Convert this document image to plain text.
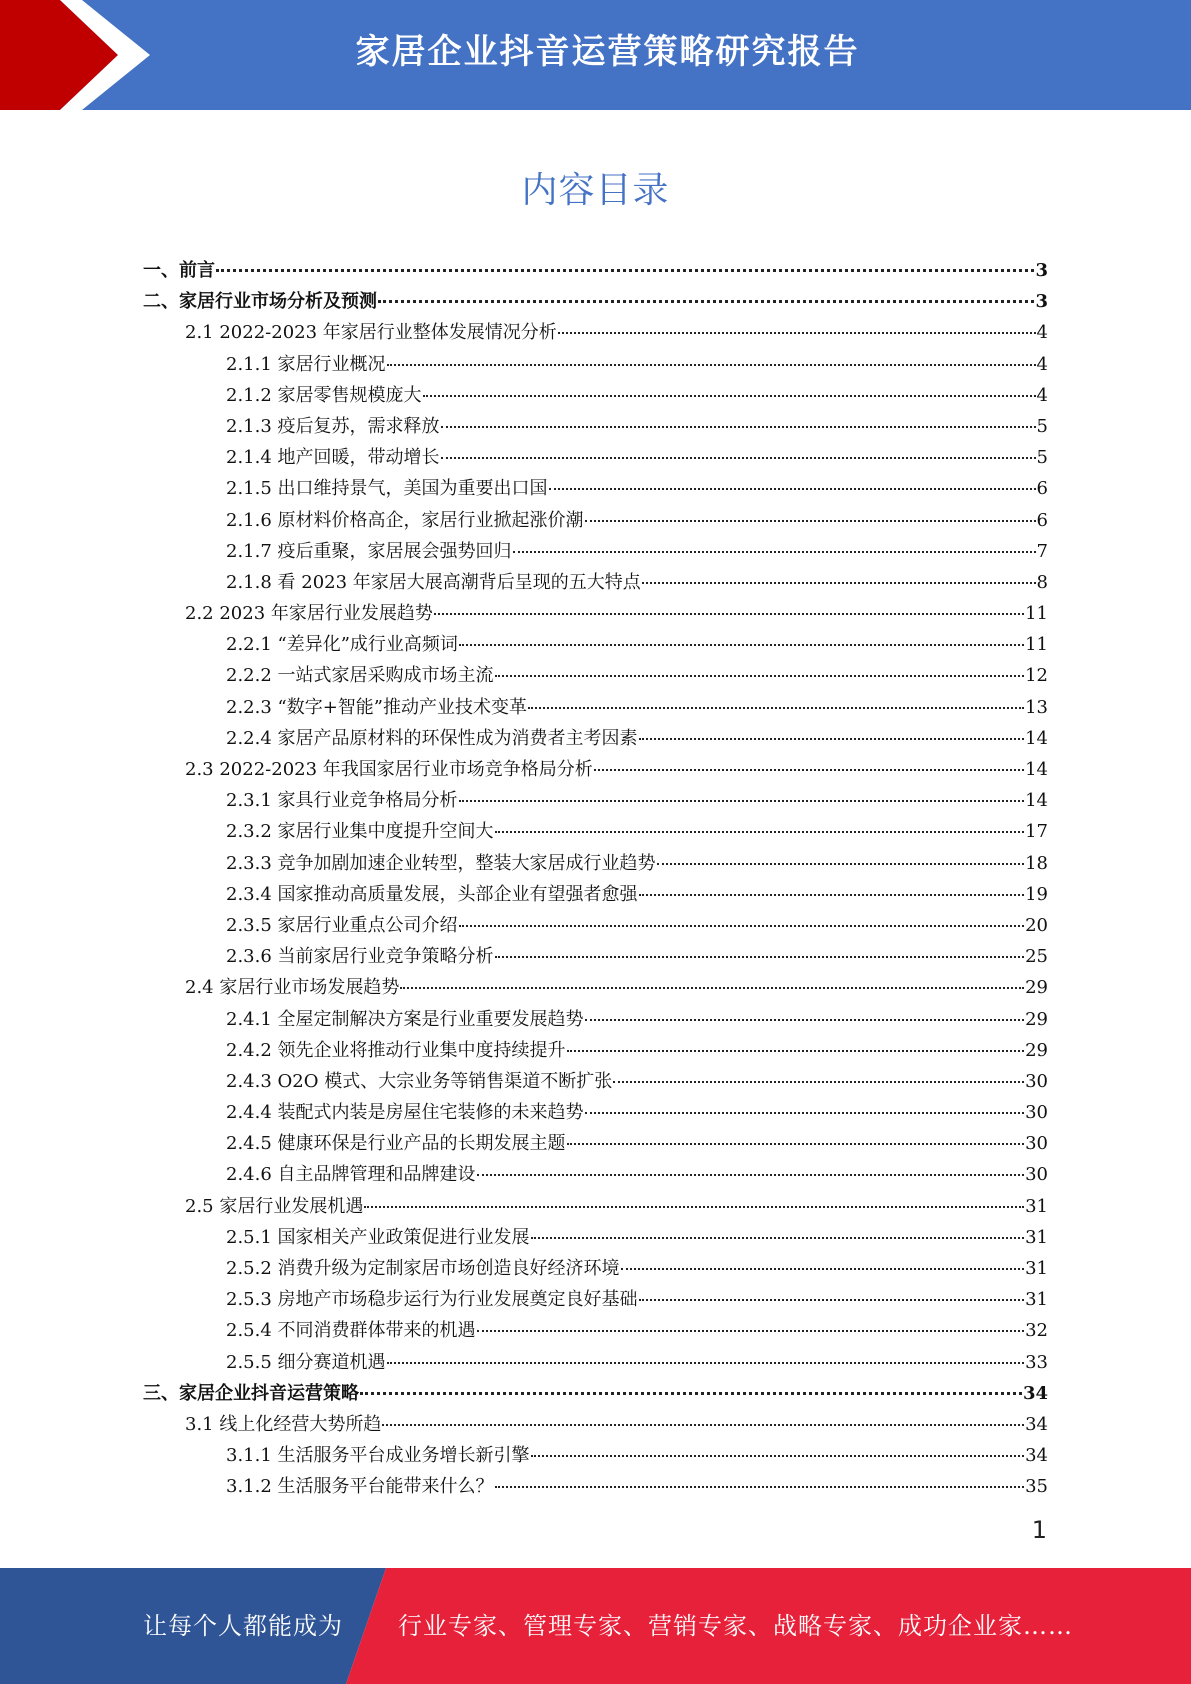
家居企业抖音运营策略研究报告
内容目录
一、前言	3
二、家居行业市场分析及预测	3
2.1 2022-2023 年家居行业整体发展情况分析	4
2.1.1 家居行业概况	4
2.1.2 家居零售规模庞大	4
2.1.3 疫后复苏，需求释放	5
2.1.4 地产回暖，带动增长	5
2.1.5 出口维持景气，美国为重要出口国	6
2.1.6 原材料价格高企，家居行业掀起涨价潮	6
2.1.7 疫后重聚，家居展会强势回归	7
2.1.8 看 2023 年家居大展高潮背后呈现的五大特点	8
2.2 2023 年家居行业发展趋势	11
2.2.1 “差异化”成行业高频词	11
2.2.2 一站式家居采购成市场主流	12
2.2.3 “数字+智能”推动产业技术变革	13
2.2.4 家居产品原材料的环保性成为消费者主考因素	14
2.3 2022-2023 年我国家居行业市场竞争格局分析	14
2.3.1 家具行业竞争格局分析	14
2.3.2 家居行业集中度提升空间大	17
2.3.3 竞争加剧加速企业转型，整装大家居成行业趋势	18
2.3.4 国家推动高质量发展，头部企业有望强者愈强	19
2.3.5 家居行业重点公司介绍	20
2.3.6 当前家居行业竞争策略分析	25
2.4 家居行业市场发展趋势	29
2.4.1 全屋定制解决方案是行业重要发展趋势	29
2.4.2 领先企业将推动行业集中度持续提升	29
2.4.3 O2O 模式、大宗业务等销售渠道不断扩张	30
2.4.4 装配式内装是房屋住宅装修的未来趋势	30
2.4.5 健康环保是行业产品的长期发展主题	30
2.4.6 自主品牌管理和品牌建设	30
2.5 家居行业发展机遇	31
2.5.1 国家相关产业政策促进行业发展	31
2.5.2 消费升级为定制家居市场创造良好经济环境	31
2.5.3 房地产市场稳步运行为行业发展奠定良好基础	31
2.5.4 不同消费群体带来的机遇	32
2.5.5 细分赛道机遇	33
三、家居企业抖音运营策略	34
3.1 线上化经营大势所趋	34
3.1.1 生活服务平台成业务增长新引擎	34
3.1.2 生活服务平台能带来什么？	35
1
让每个人都能成为 行业专家、管理专家、营销专家、战略专家、成功企业家……
